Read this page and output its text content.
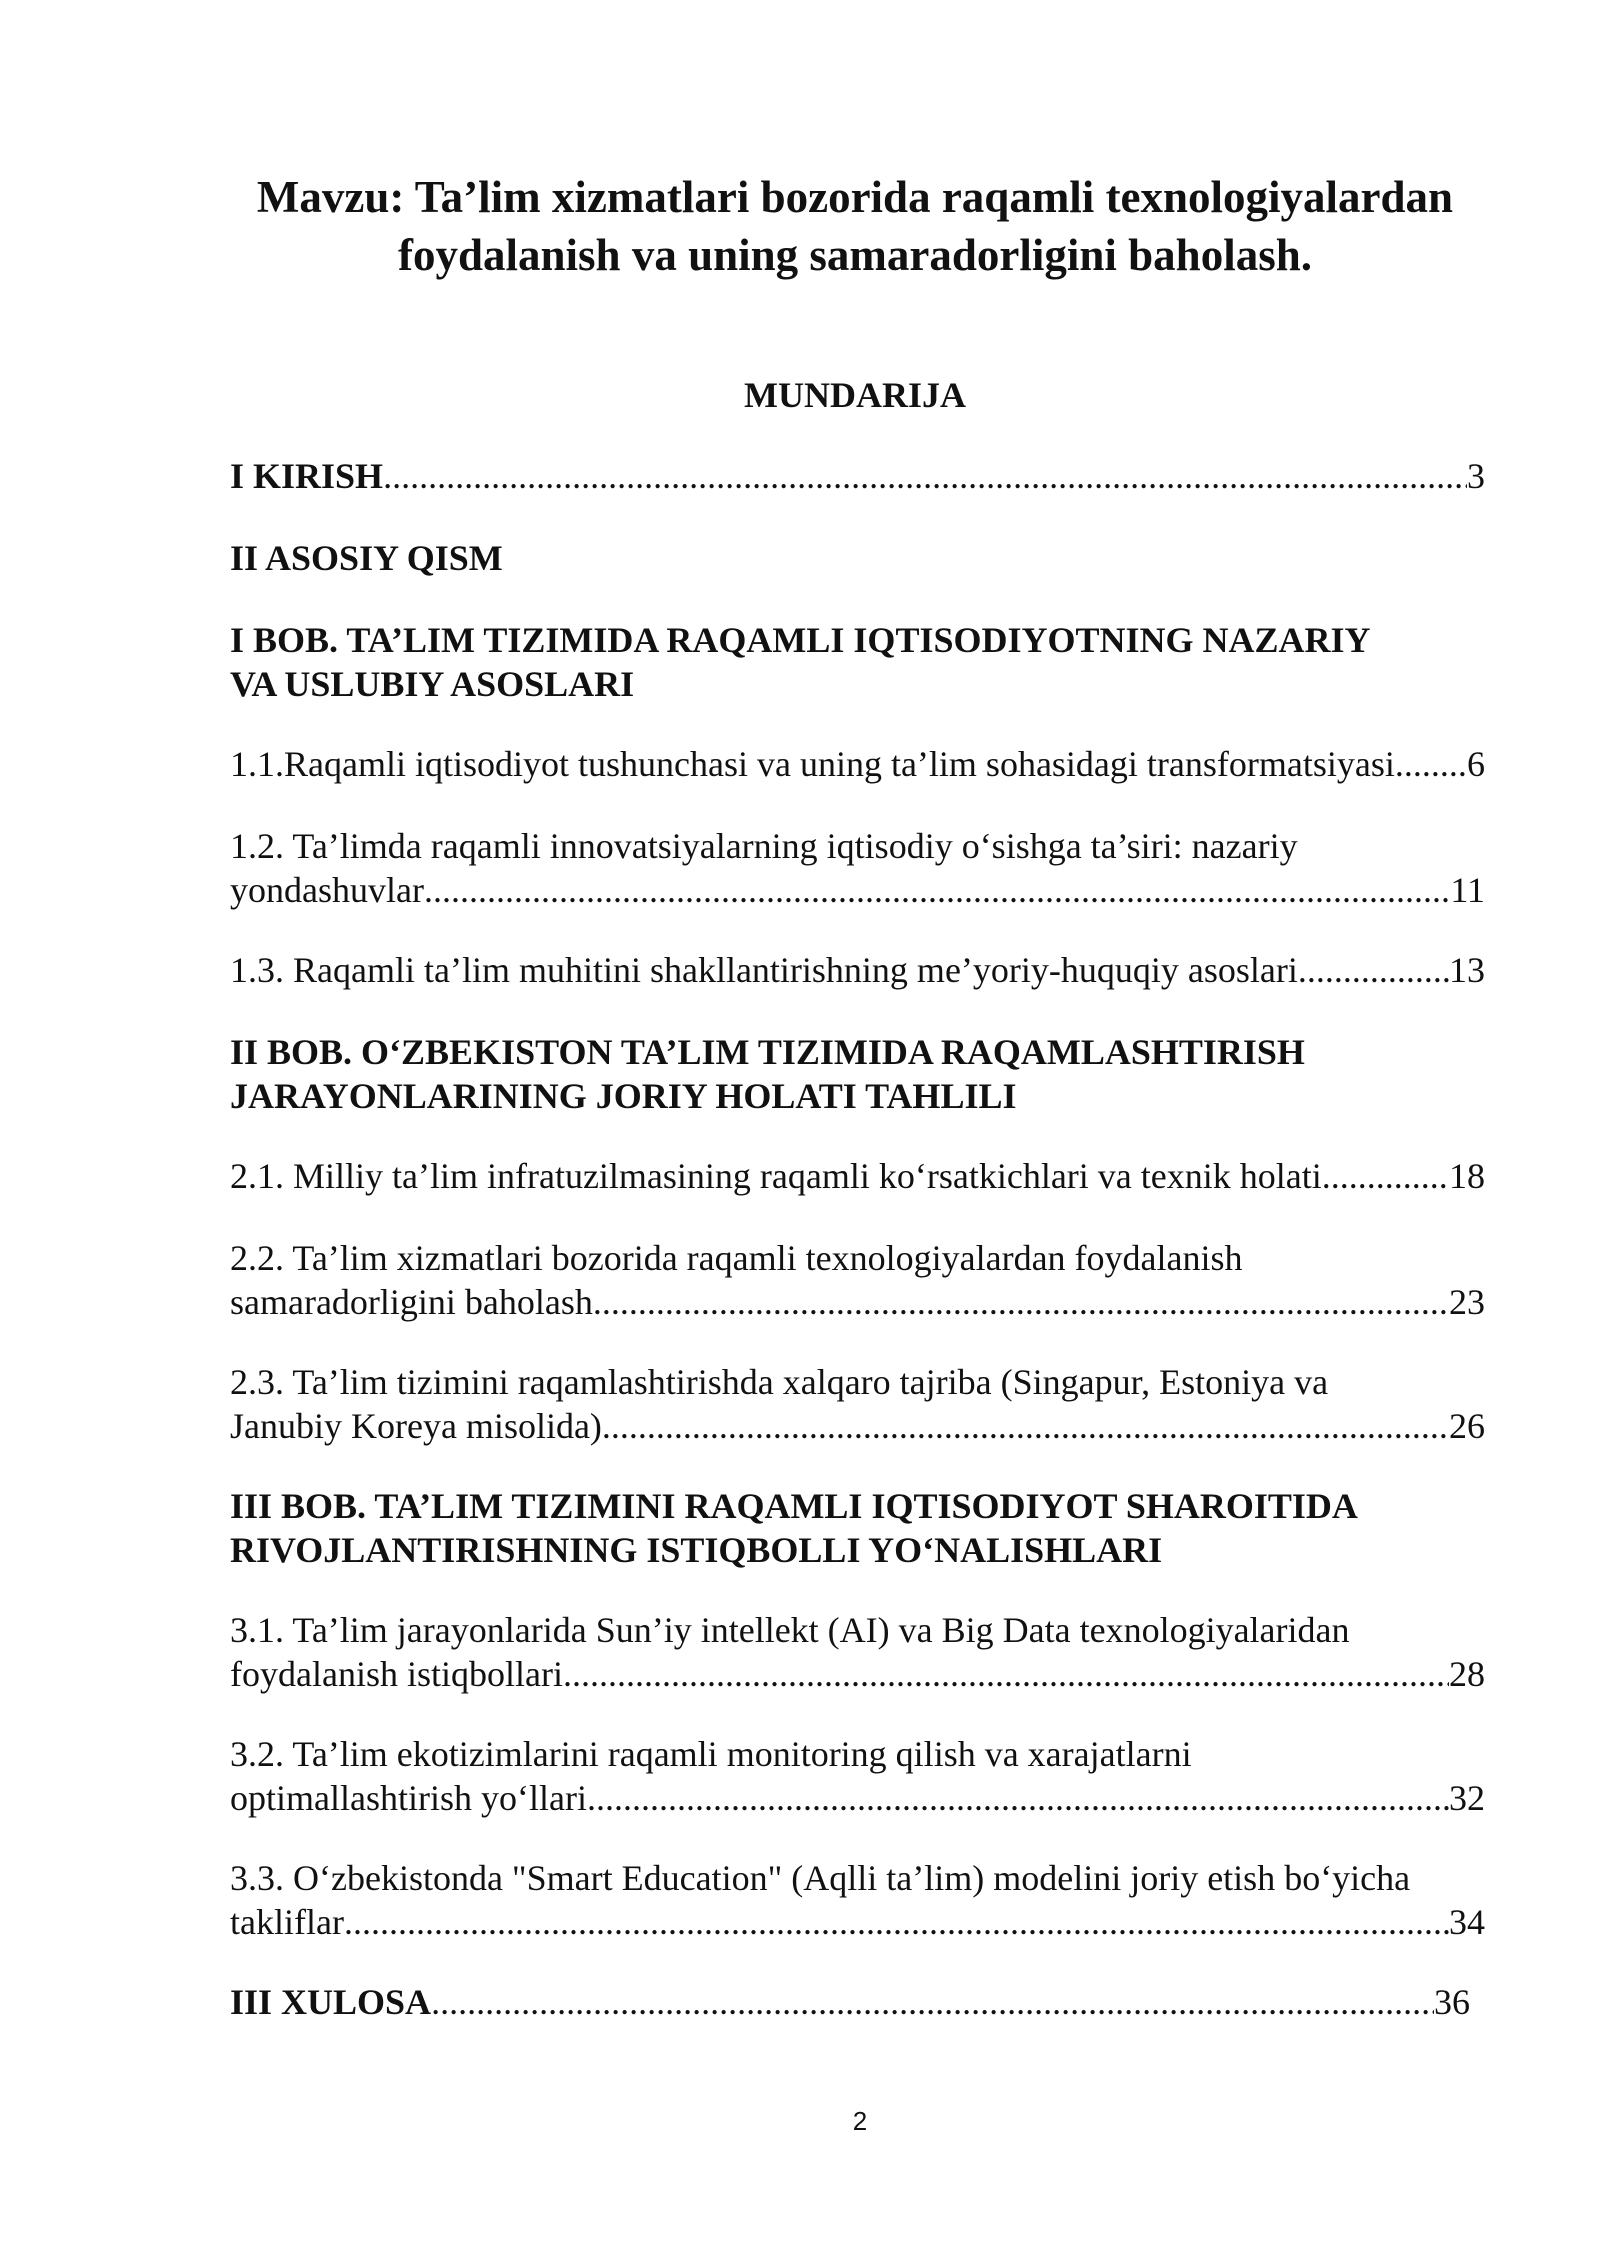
Mavzu: Ta’lim xizmatlari bozorida raqamli texnologiyalardan foydalanish va uning samaradorligini baholash.
MUNDARIJA
I KIRISH .....	3
II ASOSIY QISM
I BOB. TA’LIM TIZIMIDA RAQAMLI IQTISODIYOTNING NAZARIY
VA USLUBIY ASOSLARI
1.1.Raqamli iqtisodiyot tushunchasi va uning ta’lim sohasidagi transformatsiyasi ..... 6
1.2. Ta’limda raqamli innovatsiyalarning iqtisodiy o‘sishga ta’siri: nazariy
yondashuvlar .....	11
1.3. Raqamli ta’lim muhitini shakllantirishning me’yoriy-huquqiy asoslari .....	13
II BOB. O‘ZBEKISTON TA’LIM TIZIMIDA RAQAMLASHTIRISH
JARAYONLARINING JORIY HOLATI TAHLILI
2.1. Milliy ta’lim infratuzilmasining raqamli ko‘rsatkichlari va texnik holati .....	18
2.2. Ta’lim xizmatlari bozorida raqamli texnologiyalardan foydalanish
samaradorligini baholash .....	23
2.3. Ta’lim tizimini raqamlashtirishda xalqaro tajriba (Singapur, Estoniya va
Janubiy Koreya misolida) .....	26
III BOB. TA’LIM TIZIMINI RAQAMLI IQTISODIYOT SHAROITIDA
RIVOJLANTIRISHNING ISTIQBOLLI YO‘NALISHLARI
3.1. Ta’lim jarayonlarida Sun’iy intellekt (AI) va Big Data texnologiyalaridan
foydalanish istiqbollari .....	28
3.2. Ta’lim ekotizimlarini raqamli monitoring qilish va xarajatlarni
optimallashtirish yo‘llari .....	32
3.3. O‘zbekistonda "Smart Education" (Aqlli ta’lim) modelini joriy etish bo‘yicha
takliflar .....	34
III XULOSA .....	36
2
